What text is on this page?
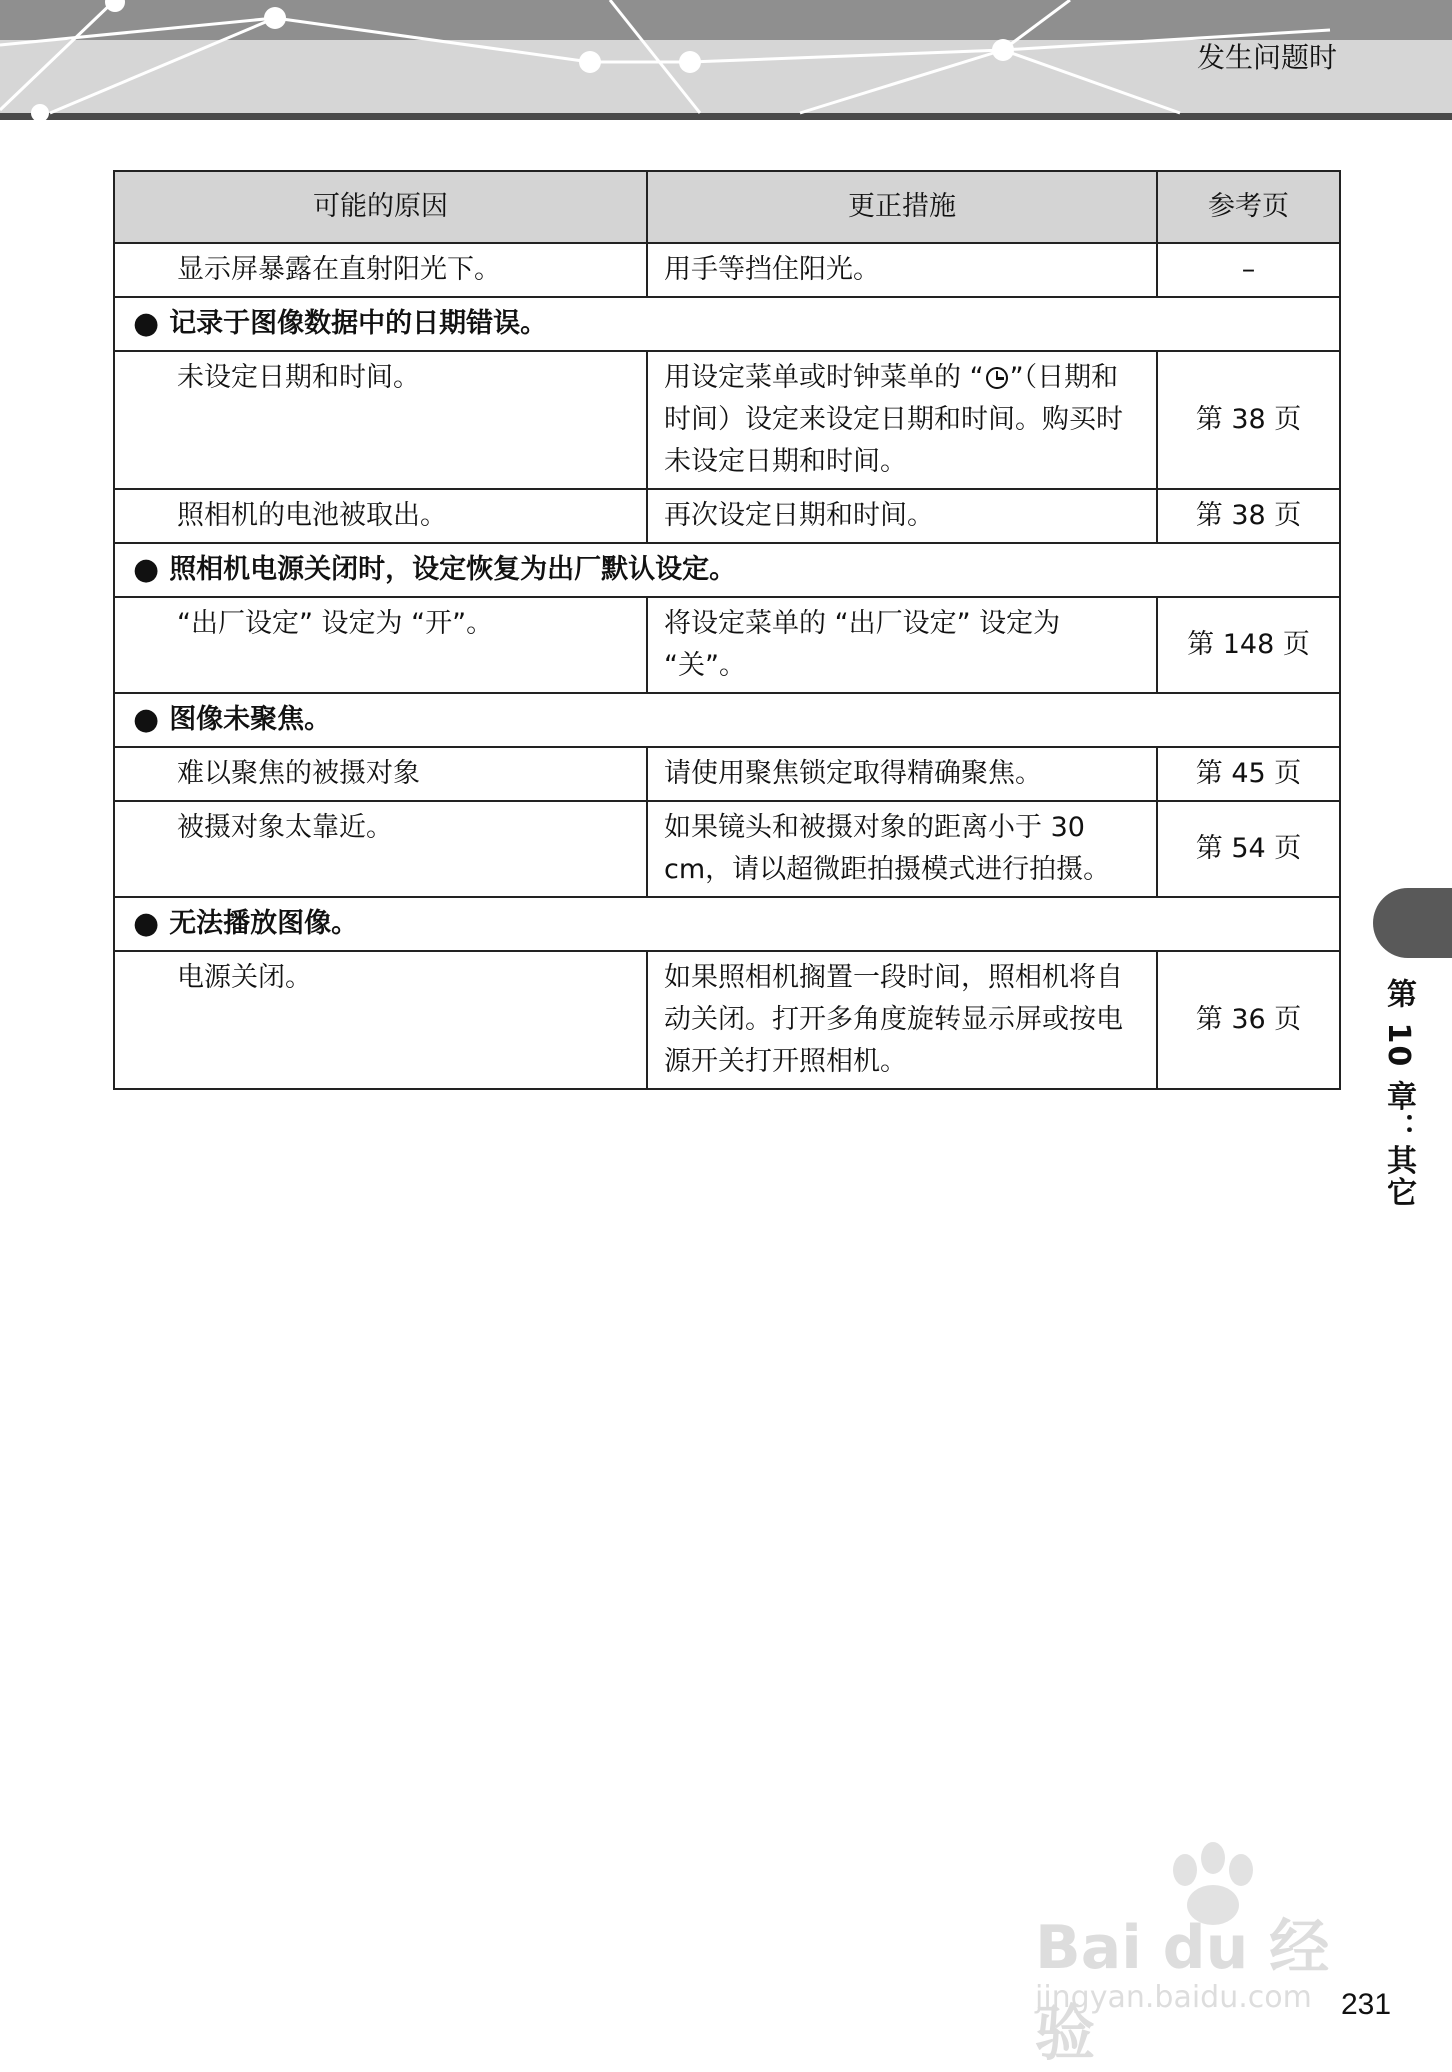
发生问题时
可能的原因	更正措施	参考页
显示屏暴露在直射阳光下。	用手等挡住阳光。	–
● 记录于图像数据中的日期错误。		
未设定日期和时间。	用设定菜单或时钟菜单的 “ ”（日期和时间）设定来设定日期和时间。购买时未设定日期和时间。	第 38 页
照相机的电池被取出。	再次设定日期和时间。	第 38 页
● 照相机电源关闭时，设定恢复为出厂默认设定。		
“出厂设定” 设定为 “开”。	将设定菜单的 “出厂设定” 设定为 “关”。	第 148 页
● 图像未聚焦。		
难以聚焦的被摄对象	请使用聚焦锁定取得精确聚焦。	第 45 页
被摄对象太靠近。	如果镜头和被摄对象的距离小于 30 cm，请以超微距拍摄模式进行拍摄。	第 54 页
● 无法播放图像。		
电源关闭。	如果照相机搁置一段时间，照相机将自动关闭。打开多角度旋转显示屏或按电源开关打开照相机。	第 36 页	第 10 章：其它
Bai du 经验
jingyan.baidu.com 231
